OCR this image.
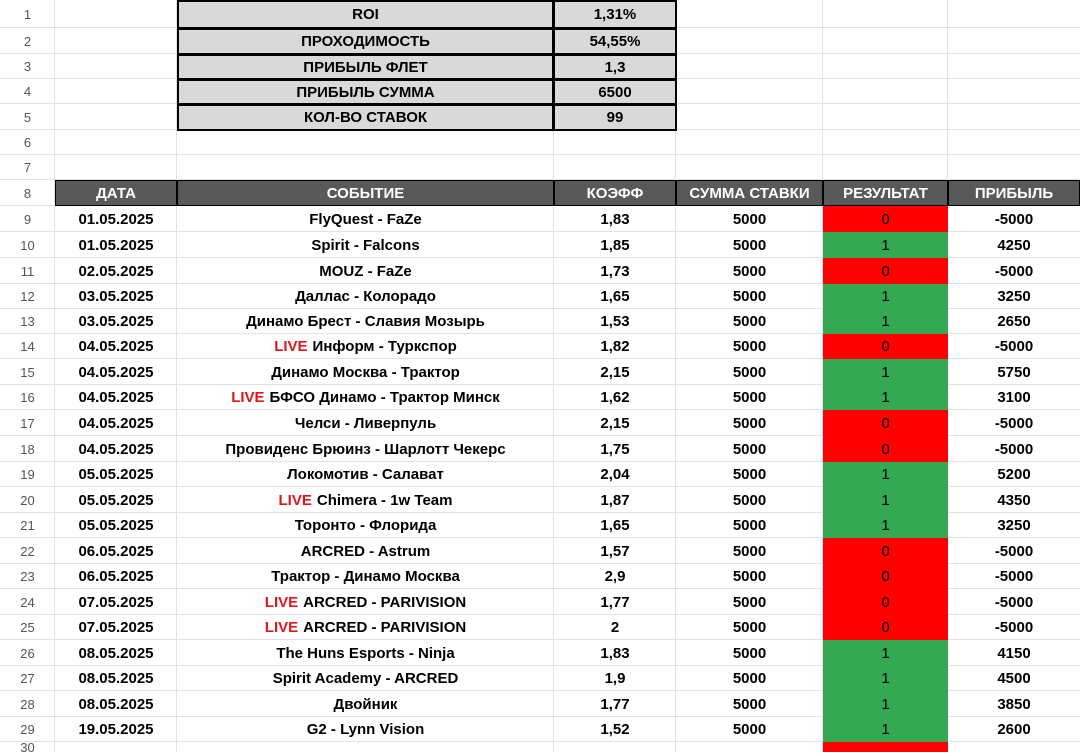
1
2
3
4
5
6
7
8
9
10
11
12
13
14
15
16
17
18
19
20
21
22
23
24
25
26
27
28
29
30
ROI	1,31%
ПРОХОДИМОСТЬ	54,55%
ПРИБЫЛЬ ФЛЕТ	1,3
ПРИБЫЛЬ СУММА	6500
КОЛ-ВО СТАВОК	99
ДАТА	СОБЫТИЕ	КОЭФФ	СУММА СТАВКИ	РЕЗУЛЬТАТ	ПРИБЫЛЬ
01.05.2025	FlyQuest - FaZe	1,83	5000	0	-5000
01.05.2025	Spirit - Falcons	1,85	5000	1	4250
02.05.2025	MOUZ - FaZe	1,73	5000	0	-5000
03.05.2025	Даллас - Колорадо	1,65	5000	1	3250
03.05.2025	Динамо Брест - Славия Мозырь	1,53	5000	1	2650
04.05.2025	LIVE Информ - Туркспор	1,82	5000	0	-5000
04.05.2025	Динамо Москва - Трактор	2,15	5000	1	5750
04.05.2025	LIVE БФСО Динамо - Трактор Минск	1,62	5000	1	3100
04.05.2025	Челси - Ливерпуль	2,15	5000	0	-5000
04.05.2025	Провиденс Брюинз - Шарлотт Чекерс	1,75	5000	0	-5000
05.05.2025	Локомотив - Салават	2,04	5000	1	5200
05.05.2025	LIVE Chimera - 1w Team	1,87	5000	1	4350
05.05.2025	Торонто - Флорида	1,65	5000	1	3250
06.05.2025	ARCRED - Astrum	1,57	5000	0	-5000
06.05.2025	Трактор - Динамо Москва	2,9	5000	0	-5000
07.05.2025	LIVE ARCRED - PARIVISION	1,77	5000	0	-5000
07.05.2025	LIVE ARCRED - PARIVISION	2	5000	0	-5000
08.05.2025	The Huns Esports - Ninja	1,83	5000	1	4150
08.05.2025	Spirit Academy - ARCRED	1,9	5000	1	4500
08.05.2025	Двойник	1,77	5000	1	3850
19.05.2025	G2 - Lynn Vision	1,52	5000	1	2600
